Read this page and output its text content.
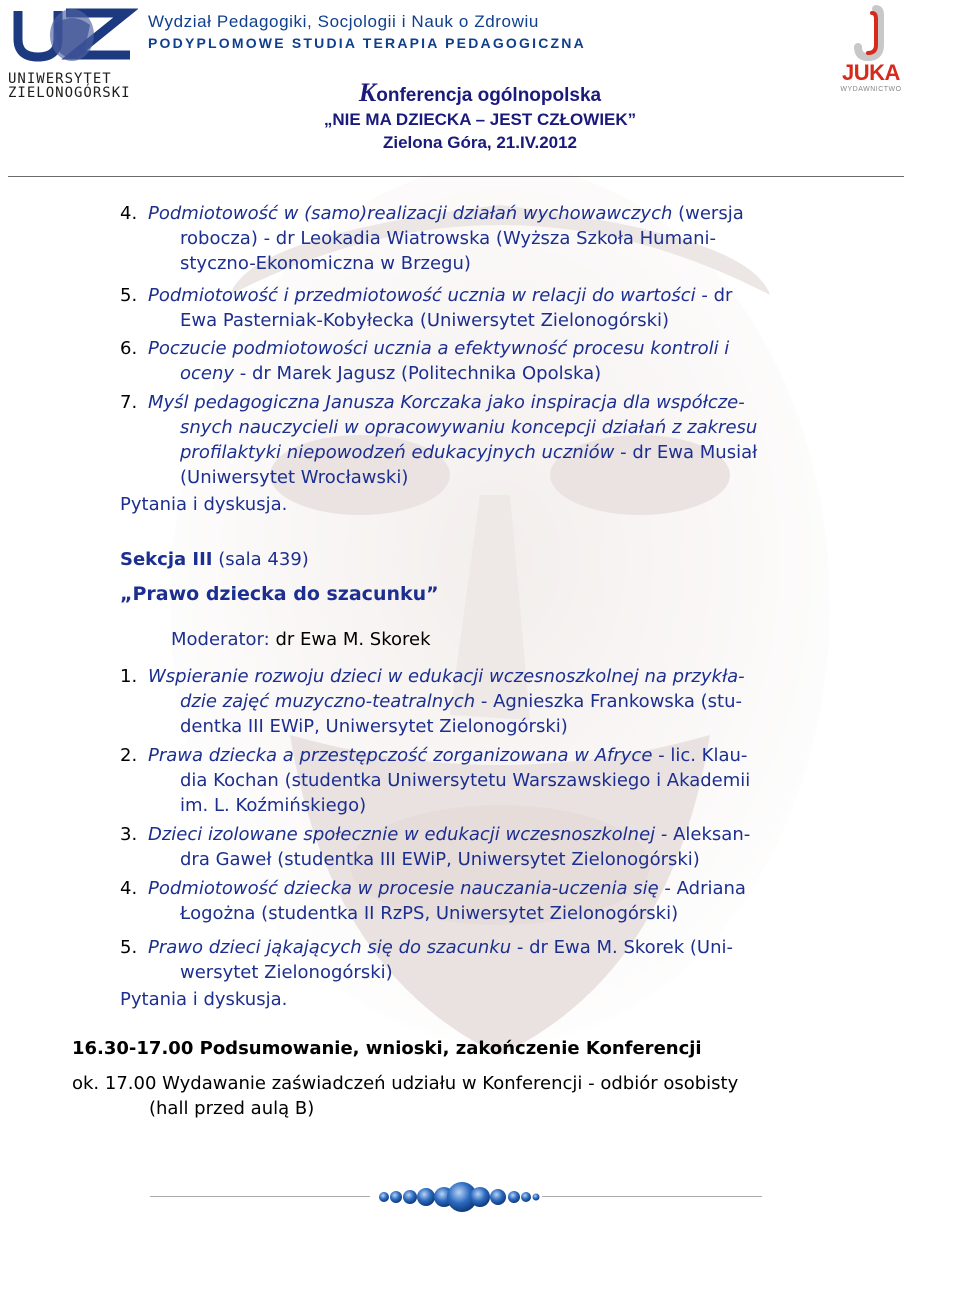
UNIWERSYTET
ZIELONOGÓRSKI
Wydział Pedagogiki, Socjologii i Nauk o Zdrowiu
PODYPLOMOWE STUDIA TERAPIA PEDAGOGICZNA
JUKA
WYDAWNICTWO
Konferencja ogólnopolska
„NIE MA DZIECKA – JEST CZŁOWIEK”
Zielona Góra, 21.IV.2012
4. Podmiotowość w (samo)realizacji działań wychowawczych (wersja
robocza) - dr Leokadia Wiatrowska (Wyższa Szkoła Humani-
styczno-Ekonomiczna w Brzegu)
5. Podmiotowość i przedmiotowość ucznia w relacji do wartości - dr
Ewa Pasterniak-Kobyłecka (Uniwersytet Zielonogórski)
6. Poczucie podmiotowości ucznia a efektywność procesu kontroli i
oceny - dr Marek Jagusz (Politechnika Opolska)
7. Myśl pedagogiczna Janusza Korczaka jako inspiracja dla współcze-
snych nauczycieli w opracowywaniu koncepcji działań z zakresu
profilaktyki niepowodzeń edukacyjnych uczniów - dr Ewa Musiał
(Uniwersytet Wrocławski)
Pytania i dyskusja.
Sekcja III (sala 439)
„Prawo dziecka do szacunku”
Moderator: dr Ewa M. Skorek
1. Wspieranie rozwoju dzieci w edukacji wczesnoszkolnej na przykła-
dzie zajęć muzyczno-teatralnych - Agnieszka Frankowska (stu-
dentka III EWiP, Uniwersytet Zielonogórski)
2. Prawa dziecka a przestępczość zorganizowana w Afryce - lic. Klau-
dia Kochan (studentka Uniwersytetu Warszawskiego i Akademii
im. L. Koźmińskiego)
3. Dzieci izolowane społecznie w edukacji wczesnoszkolnej - Aleksan-
dra Gaweł (studentka III EWiP, Uniwersytet Zielonogórski)
4. Podmiotowość dziecka w procesie nauczania-uczenia się - Adriana
Łogożna (studentka II RzPS, Uniwersytet Zielonogórski)
5. Prawo dzieci jąkających się do szacunku - dr Ewa M. Skorek (Uni-
wersytet Zielonogórski)
Pytania i dyskusja.
16.30-17.00 Podsumowanie, wnioski, zakończenie Konferencji
ok. 17.00 Wydawanie zaświadczeń udziału w Konferencji - odbiór osobisty
(hall przed aulą B)
